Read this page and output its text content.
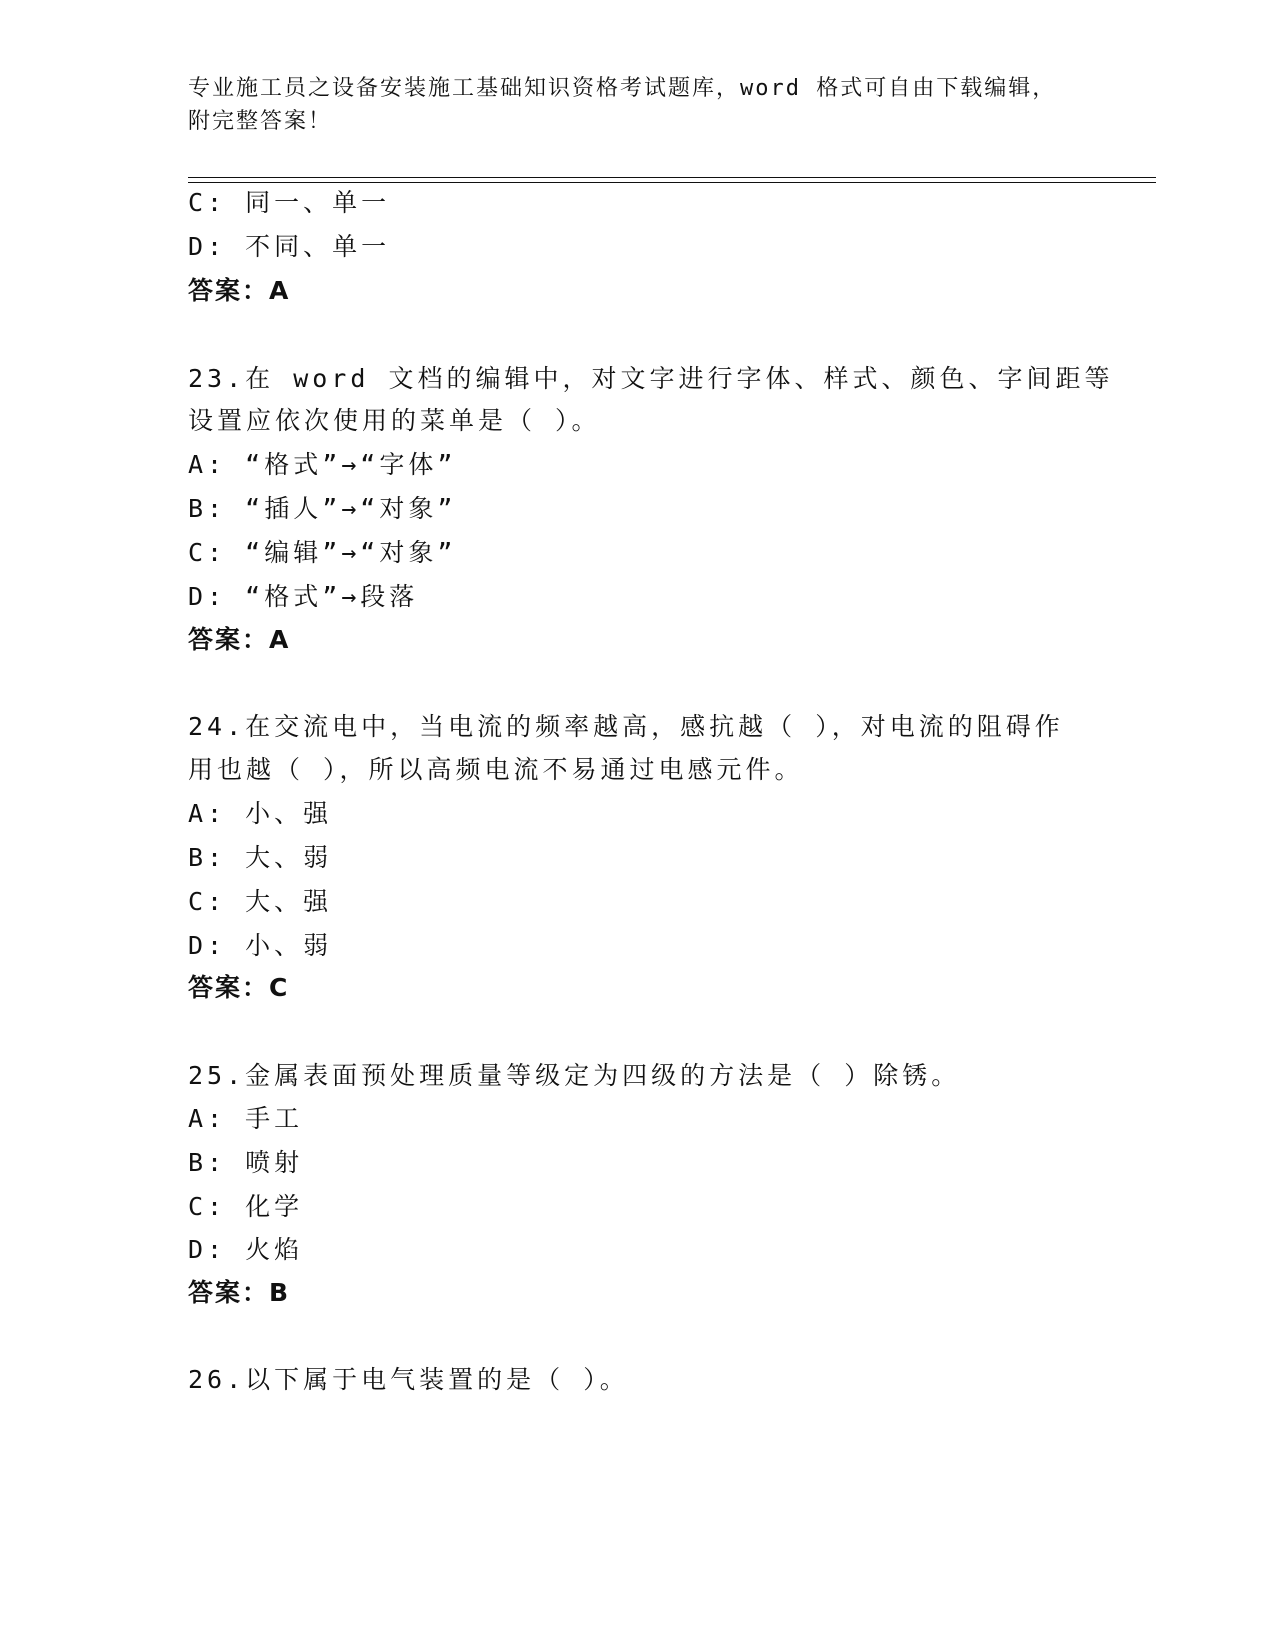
专业施工员之设备安装施工基础知识资格考试题库，word 格式可自由下载编辑，
附完整答案！
C: 同一、单一
D: 不同、单一
答案：A
23.在 word 文档的编辑中，对文字进行字体、样式、颜色、字间距等
设置应依次使用的菜单是（ ）。
A: “格式”→“字体”
B: “插人”→“对象”
C: “编辑”→“对象”
D: “格式”→段落
答案：A
24.在交流电中，当电流的频率越高，感抗越（ ），对电流的阻碍作
用也越（ ），所以高频电流不易通过电感元件。
A: 小、强
B: 大、弱
C: 大、强
D: 小、弱
答案：C
25.金属表面预处理质量等级定为四级的方法是（ ）除锈。
A: 手工
B: 喷射
C: 化学
D: 火焰
答案：B
26.以下属于电气装置的是（ ）。
